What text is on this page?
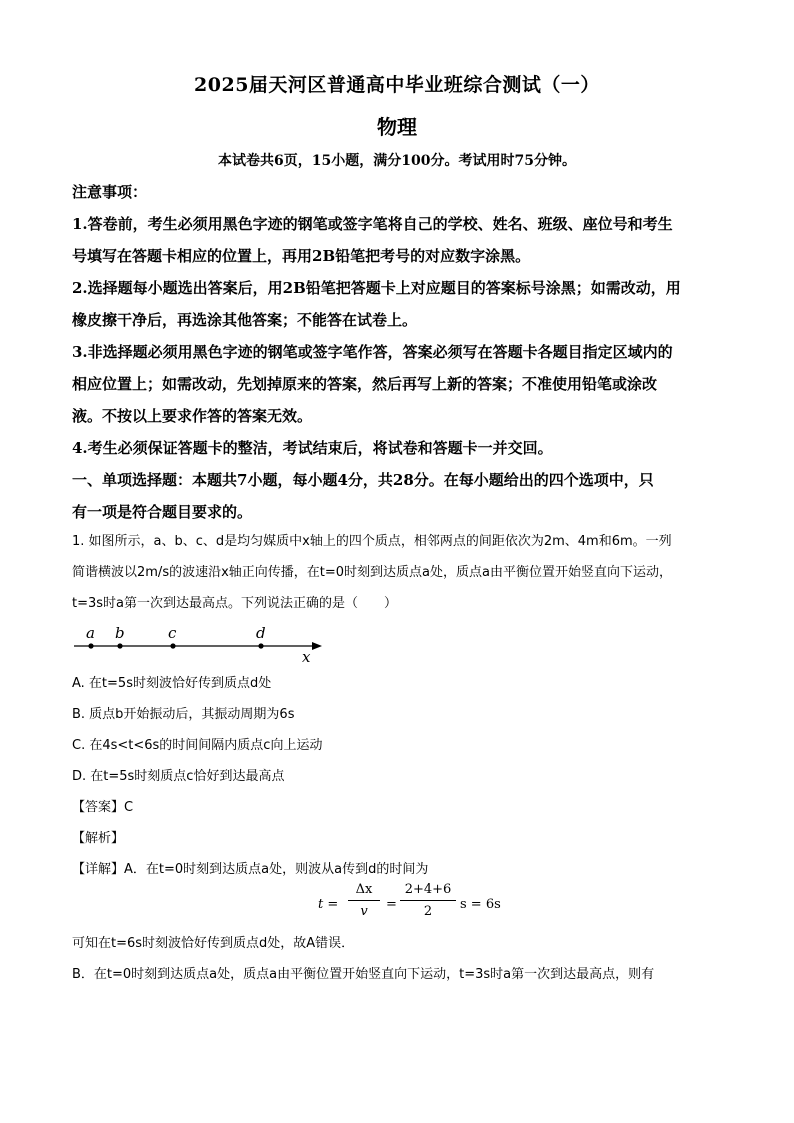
2025届天河区普通高中毕业班综合测试（一）
物理
本试卷共6页，15小题，满分100分。考试用时75分钟。

注意事项：

1.答卷前，考生必须用黑色字迹的钢笔或签字笔将自己的学校、姓名、班级、座位号和考生

号填写在答题卡相应的位置上，再用2B铅笔把考号的对应数字涂黑。

2.选择题每小题选出答案后，用2B铅笔把答题卡上对应题目的答案标号涂黑；如需改动，用

橡皮擦干净后，再选涂其他答案；不能答在试卷上。

3.非选择题必须用黑色字迹的钢笔或签字笔作答，答案必须写在答题卡各题目指定区域内的

相应位置上；如需改动，先划掉原来的答案，然后再写上新的答案；不准使用铅笔或涂改

液。不按以上要求作答的答案无效。

4.考生必须保证答题卡的整洁，考试结束后，将试卷和答题卡一并交回。

一、单项选择题：本题共7小题，每小题4分，共28分。在每小题给出的四个选项中，只

有一项是符合题目要求的。

1. 如图所示，a、b、c、d是均匀媒质中x轴上的四个质点，相邻两点的间距依次为2m、4m和6m。一列

简谐横波以2m/s的波速沿x轴正向传播，在t=0时刻到达质点a处，质点a由平衡位置开始竖直向下运动，

t=3s时a第一次到达最高点。下列说法正确的是（　　）

a b	c	d
x
A. 在t=5s时刻波恰好传到质点d处
B. 质点b开始振动后，其振动周期为6s
C. 在4s<t<6s的时间间隔内质点c向上运动
D. 在t=5s时刻质点c恰好到达最高点
【答案】C
【解析】
【详解】A．在t=0时刻到达质点a处，则波从a传到d的时间为
t =
Δx
v	=
2+4+6
2	s = 6s
可知在t=6s时刻波恰好传到质点d处，故A错误．
B．在t=0时刻到达质点a处，质点a由平衡位置开始竖直向下运动，t=3s时a第一次到达最高点，则有
